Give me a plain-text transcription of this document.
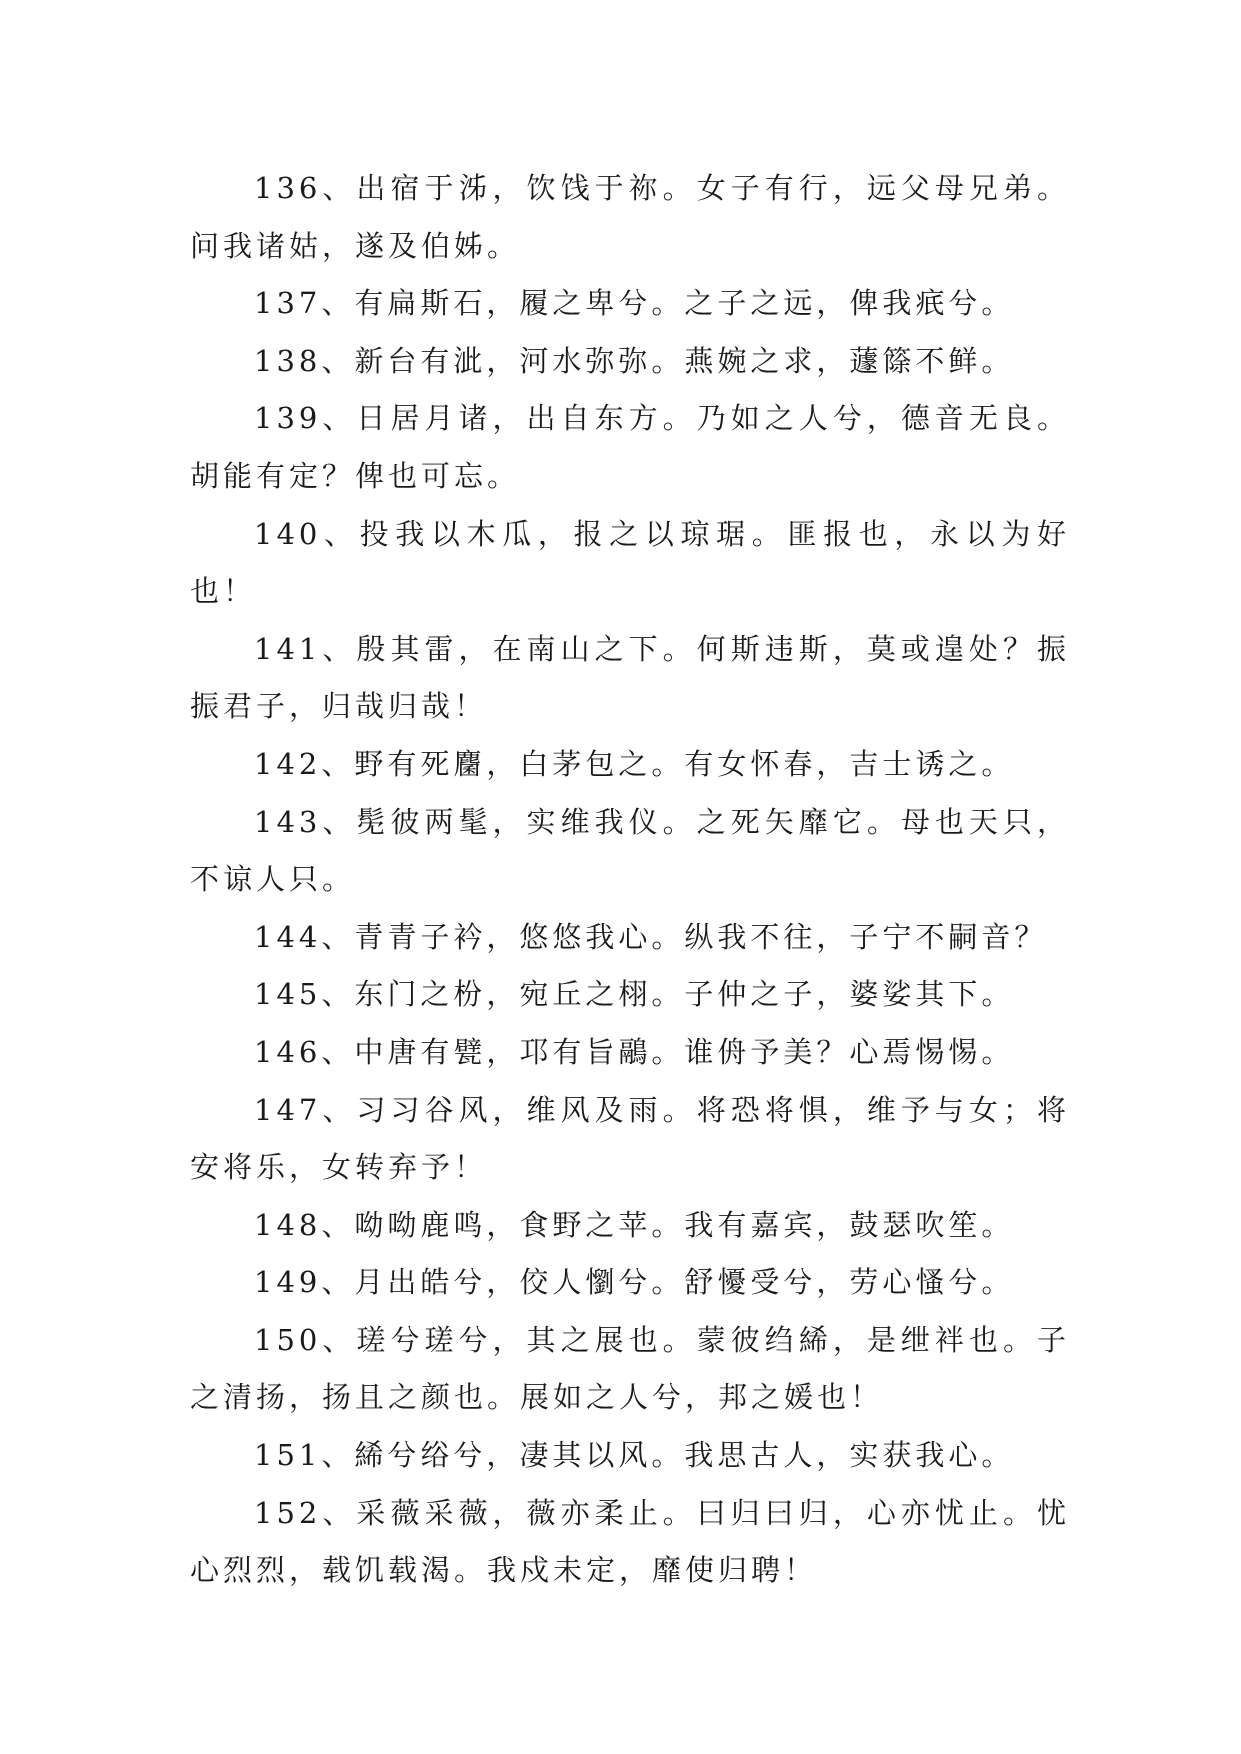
136、出宿于泲，饮饯于祢。女子有行，远父母兄弟。问我诸姑，遂及伯姊。

137、有扁斯石，履之卑兮。之子之远，俾我疧兮。

138、新台有泚，河水弥弥。燕婉之求，蘧篨不鲜。

139、日居月诸，出自东方。乃如之人兮，德音无良。胡能有定？俾也可忘。

140、投我以木瓜，报之以琼琚。匪报也，永以为好也！

141、殷其雷，在南山之下。何斯违斯，莫或遑处？振振君子，归哉归哉！

142、野有死麕，白茅包之。有女怀春，吉士诱之。

143、髧彼两髦，实维我仪。之死矢靡它。母也天只，不谅人只。

144、青青子衿，悠悠我心。纵我不往，子宁不嗣音？

145、东门之枌，宛丘之栩。子仲之子，婆娑其下。

146、中唐有甓，邛有旨鷊。谁侜予美？心焉惕惕。

147、习习谷风，维风及雨。将恐将惧，维予与女；将安将乐，女转弃予！

148、呦呦鹿鸣，食野之苹。我有嘉宾，鼓瑟吹笙。

149、月出皓兮，佼人懰兮。舒懮受兮，劳心慅兮。

150、瑳兮瑳兮，其之展也。蒙彼绉絺，是绁袢也。子之清扬，扬且之颜也。展如之人兮，邦之媛也！

151、絺兮绤兮，凄其以风。我思古人，实获我心。

152、采薇采薇，薇亦柔止。曰归曰归，心亦忧止。忧心烈烈，载饥载渴。我戍未定，靡使归聘！
